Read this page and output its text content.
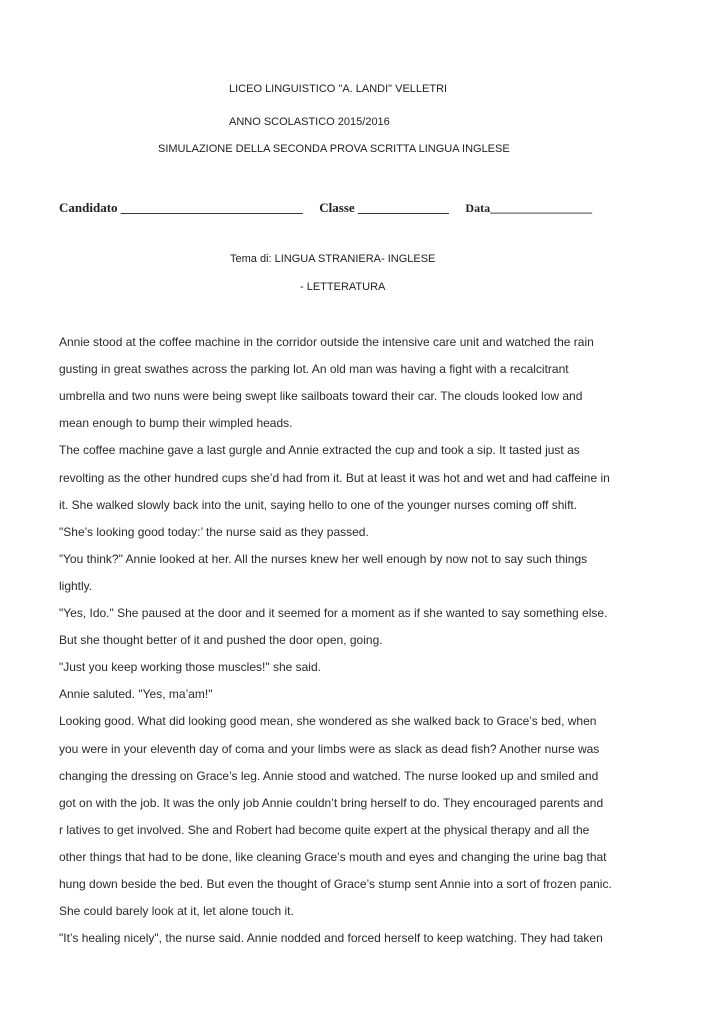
LICEO LINGUISTICO "A. LANDI" VELLETRI
ANNO SCOLASTICO 2015/2016
SIMULAZIONE DELLA SECONDA PROVA SCRITTA LINGUA INGLESE
Candidato ____________________________ Classe ______________ Data_________________
Tema di: LINGUA STRANIERA- INGLESE
- LETTERATURA
Annie stood at the coffee machine in the corridor outside the intensive care unit and watched the rain
gusting in great swathes across the parking lot. An old man was having a fight with a recalcitrant
umbrella and two nuns were being swept like sailboats toward their car. The clouds looked low and
mean enough to bump their wimpled heads.
The coffee machine gave a last gurgle and Annie extracted the cup and took a sip. It tasted just as
revolting as the other hundred cups she’d had from it. But at least it was hot and wet and had caffeine in
it. She walked slowly back into the unit, saying hello to one of the younger nurses coming off shift.
"She’s looking good today:’ the nurse said as they passed.
”You think?" Annie looked at her. All the nurses knew her well enough by now not to say such things
lightly.
"Yes, Ido." She paused at the door and it seemed for a moment as if she wanted to say something else.
But she thought better of it and pushed the door open, going.
"Just you keep working those muscles!" she said.
Annie saluted. "Yes, ma’am!"
Looking good. What did looking good mean, she wondered as she walked back to Grace’s bed, when
you were in your eleventh day of coma and your limbs were as slack as dead fish? Another nurse was
changing the dressing on Grace’s leg. Annie stood and watched. The nurse looked up and smiled and
got on with the job. It was the only job Annie couldn’t bring herself to do. They encouraged parents and
r latives to get involved. She and Robert had become quite expert at the physical therapy and all the
other things that had to be done, like cleaning Grace’s mouth and eyes and changing the urine bag that
hung down beside the bed. But even the thought of Grace’s stump sent Annie into a sort of frozen panic.
She could barely look at it, let alone touch it.
"It’s healing nicely", the nurse said. Annie nodded and forced herself to keep watching. They had taken
